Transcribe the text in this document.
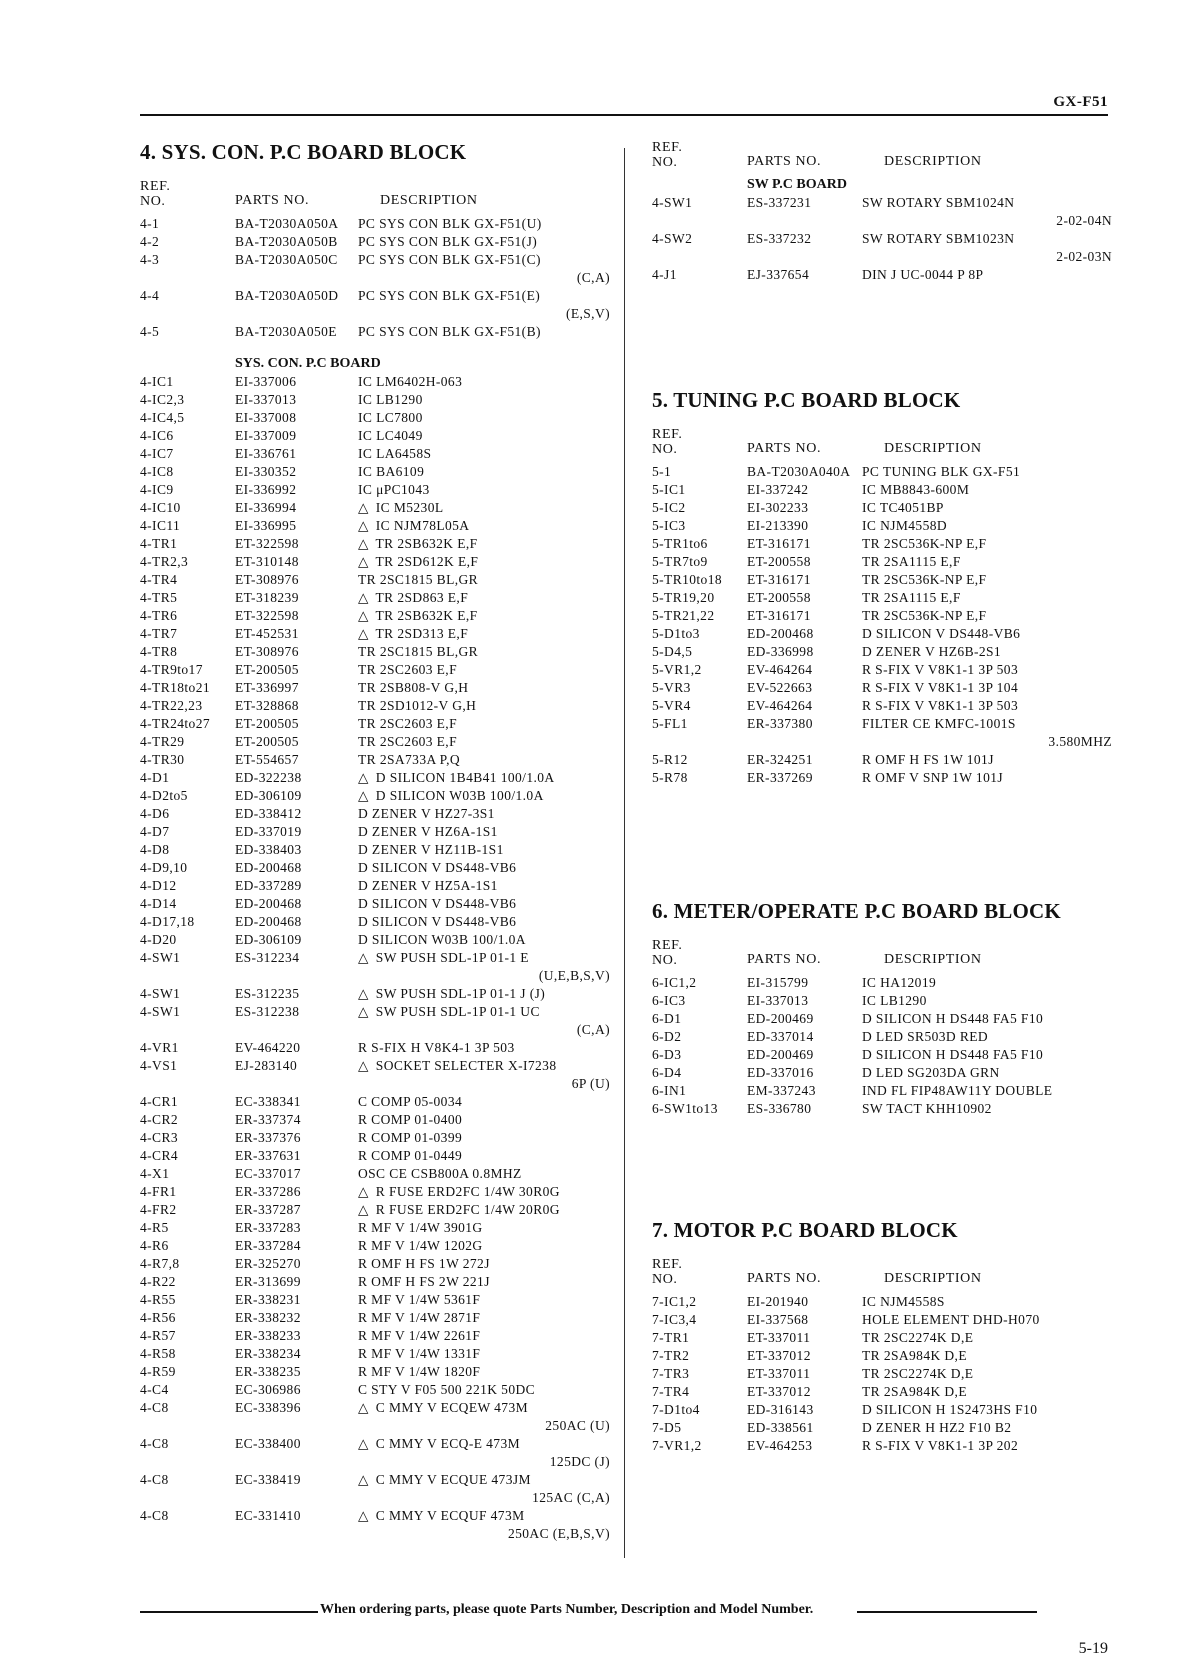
GX-F51
4. SYS. CON. P.C BOARD BLOCK
REF.
NO.	PARTS NO.	DESCRIPTION
4-1	BA-T2030A050A PC SYS CON BLK GX-F51(U)
4-2	BA-T2030A050B PC SYS CON BLK GX-F51(J)
4-3	BA-T2030A050C PC SYS CON BLK GX-F51(C)
(C,A)
4-4	BA-T2030A050D PC SYS CON BLK GX-F51(E)
(E,S,V)
4-5	BA-T2030A050E PC SYS CON BLK GX-F51(B)
SYS. CON. P.C BOARD
4-IC1	EI-337006	IC LM6402H-063
4-IC2,3	EI-337013	IC LB1290
4-IC4,5	EI-337008	IC LC7800
4-IC6	EI-337009	IC LC4049
4-IC7	EI-336761	IC LA6458S
4-IC8	EI-330352	IC BA6109
4-IC9	EI-336992	IC μPC1043
4-IC10	EI-336994	△ IC M5230L
4-IC11	EI-336995	△ IC NJM78L05A
4-TR1	ET-322598	△ TR 2SB632K E,F
4-TR2,3	ET-310148	△ TR 2SD612K E,F
4-TR4	ET-308976	TR 2SC1815 BL,GR
4-TR5	ET-318239	△ TR 2SD863 E,F
4-TR6	ET-322598	△ TR 2SB632K E,F
4-TR7	ET-452531	△ TR 2SD313 E,F
4-TR8	ET-308976	TR 2SC1815 BL,GR
4-TR9to17 ET-200505	TR 2SC2603 E,F
4-TR18to21 ET-336997	TR 2SB808-V G,H
4-TR22,23 ET-328868	TR 2SD1012-V G,H
4-TR24to27 ET-200505	TR 2SC2603 E,F
4-TR29	ET-200505	TR 2SC2603 E,F
4-TR30	ET-554657	TR 2SA733A P,Q
4-D1	ED-322238	△ D SILICON 1B4B41 100/1.0A
4-D2to5	ED-306109	△ D SILICON W03B 100/1.0A
4-D6	ED-338412	D ZENER V HZ27-3S1
4-D7	ED-337019	D ZENER V HZ6A-1S1
4-D8	ED-338403	D ZENER V HZ11B-1S1
4-D9,10	ED-200468	D SILICON V DS448-VB6
4-D12	ED-337289	D ZENER V HZ5A-1S1
4-D14	ED-200468	D SILICON V DS448-VB6
4-D17,18	ED-200468	D SILICON V DS448-VB6
4-D20	ED-306109	D SILICON W03B 100/1.0A
4-SW1	ES-312234	△ SW PUSH SDL-1P 01-1 E
(U,E,B,S,V)
4-SW1	ES-312235	△ SW PUSH SDL-1P 01-1 J (J)
4-SW1	ES-312238	△ SW PUSH SDL-1P 01-1 UC
(C,A)
4-VR1	EV-464220	R S-FIX H V8K4-1 3P 503
4-VS1	EJ-283140	△ SOCKET SELECTER X-I7238
6P (U)
4-CR1	EC-338341	C COMP 05-0034
4-CR2	ER-337374	R COMP 01-0400
4-CR3	ER-337376	R COMP 01-0399
4-CR4	ER-337631	R COMP 01-0449
4-X1	EC-337017	OSC CE CSB800A 0.8MHZ
4-FR1	ER-337286	△ R FUSE ERD2FC 1/4W 30R0G
4-FR2	ER-337287	△ R FUSE ERD2FC 1/4W 20R0G
4-R5	ER-337283	R MF V 1/4W 3901G
4-R6	ER-337284	R MF V 1/4W 1202G
4-R7,8	ER-325270	R OMF H FS 1W 272J
4-R22	ER-313699	R OMF H FS 2W 221J
4-R55	ER-338231	R MF V 1/4W 5361F
4-R56	ER-338232	R MF V 1/4W 2871F
4-R57	ER-338233	R MF V 1/4W 2261F
4-R58	ER-338234	R MF V 1/4W 1331F
4-R59	ER-338235	R MF V 1/4W 1820F
4-C4	EC-306986	C STY V F05 500 221K 50DC
4-C8	EC-338396	△ C MMY V ECQEW 473M
250AC (U)
4-C8	EC-338400	△ C MMY V ECQ-E 473M
125DC (J)
4-C8	EC-338419	△ C MMY V ECQUE 473JM
125AC (C,A)
4-C8	EC-331410	△ C MMY V ECQUF 473M
250AC (E,B,S,V)
REF.
NO.	PARTS NO.	DESCRIPTION
SW P.C BOARD
4-SW1	ES-337231	SW ROTARY SBM1024N
2-02-04N
4-SW2	ES-337232	SW ROTARY SBM1023N
2-02-03N
4-J1	EJ-337654	DIN J UC-0044 P 8P
5. TUNING P.C BOARD BLOCK
REF.
NO.	PARTS NO.	DESCRIPTION
5-1	BA-T2030A040A PC TUNING BLK GX-F51
5-IC1	EI-337242	IC MB8843-600M
5-IC2	EI-302233	IC TC4051BP
5-IC3	EI-213390	IC NJM4558D
5-TR1to6	ET-316171	TR 2SC536K-NP E,F
5-TR7to9	ET-200558	TR 2SA1115 E,F
5-TR10to18 ET-316171	TR 2SC536K-NP E,F
5-TR19,20 ET-200558	TR 2SA1115 E,F
5-TR21,22 ET-316171	TR 2SC536K-NP E,F
5-D1to3	ED-200468	D SILICON V DS448-VB6
5-D4,5	ED-336998	D ZENER V HZ6B-2S1
5-VR1,2	EV-464264	R S-FIX V V8K1-1 3P 503
5-VR3	EV-522663	R S-FIX V V8K1-1 3P 104
5-VR4	EV-464264	R S-FIX V V8K1-1 3P 503
5-FL1	ER-337380	FILTER CE KMFC-1001S
3.580MHZ
5-R12	ER-324251	R OMF H FS 1W 101J
5-R78	ER-337269	R OMF V SNP 1W 101J
6. METER/OPERATE P.C BOARD BLOCK
REF.
NO.	PARTS NO.	DESCRIPTION
6-IC1,2	EI-315799	IC HA12019
6-IC3	EI-337013	IC LB1290
6-D1	ED-200469	D SILICON H DS448 FA5 F10
6-D2	ED-337014	D LED SR503D RED
6-D3	ED-200469	D SILICON H DS448 FA5 F10
6-D4	ED-337016	D LED SG203DA GRN
6-IN1	EM-337243	IND FL FIP48AW11Y DOUBLE
6-SW1to13 ES-336780	SW TACT KHH10902
7. MOTOR P.C BOARD BLOCK
REF.
NO.	PARTS NO.	DESCRIPTION
7-IC1,2	EI-201940	IC NJM4558S
7-IC3,4	EI-337568	HOLE ELEMENT DHD-H070
7-TR1	ET-337011	TR 2SC2274K D,E
7-TR2	ET-337012	TR 2SA984K D,E
7-TR3	ET-337011	TR 2SC2274K D,E
7-TR4	ET-337012	TR 2SA984K D,E
7-D1to4	ED-316143	D SILICON H 1S2473HS F10
7-D5	ED-338561	D ZENER H HZ2 F10 B2
7-VR1,2	EV-464253	R S-FIX V V8K1-1 3P 202
When ordering parts, please quote Parts Number, Description and Model Number.
5-19
